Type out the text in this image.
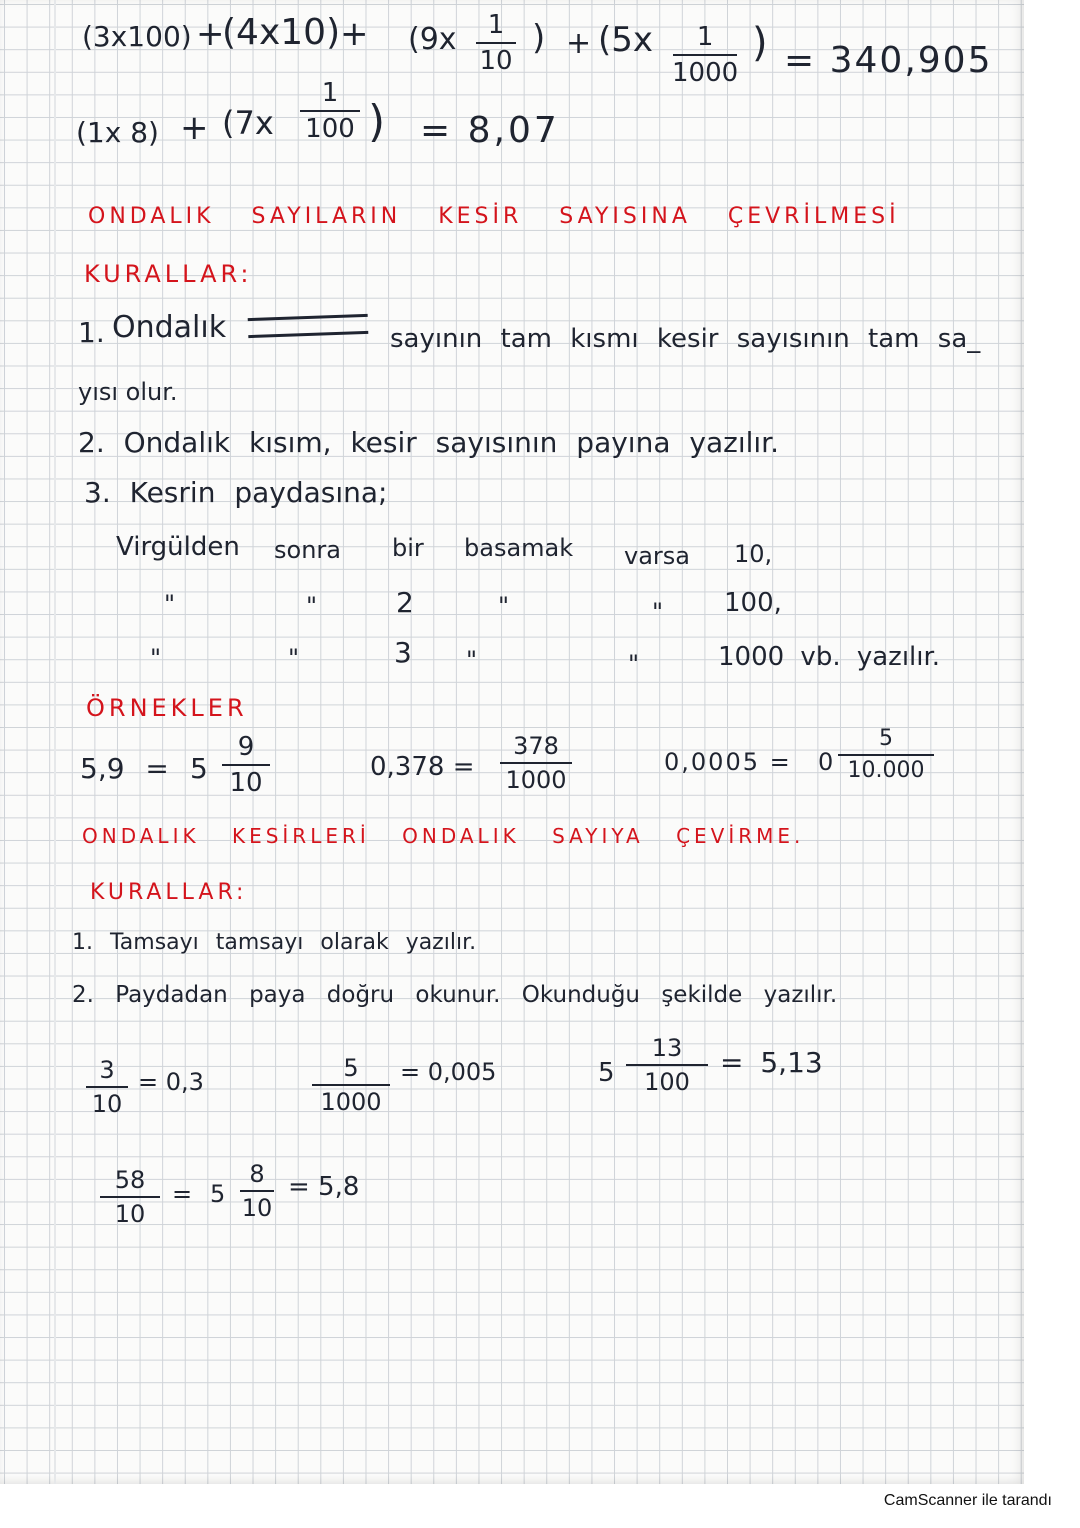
(3x100) +
(4x10) + (9x 1
10
) + (5x 1
1000
) = 340,905
(1x 8) + (7x
1
100 ) = 8,07
ONDALIK SAYILARIN KESİR SAYISINA ÇEVRİLMESİ
KURALLAR:
1. Ondalık	sayının tam kısmı kesir sayısının tam sa_
yısı olur.
2. Ondalık kısım, kesir sayısının payına yazılır.
3. Kesrin paydasına;
Virgülden sonra bir basamak varsa 10,
"	"	2	"	" 100,
"	"	3 "	"	1000 vb. yazılır.
ÖRNEKLER
5,9 = 5
9
10
0,378 =
378
1000
0,0005 = 0
5
10.000
ONDALIK KESİRLERİ ONDALIK SAYIYA ÇEVİRME.
KURALLAR:
1. Tamsayı tamsayı olarak yazılır.
2. Paydadan paya doğru okunur. Okunduğu şekilde yazılır.
3
10
= 0,3	5
1000
= 0,005	5
13
100
= 5,13
58
10
= 5
8
10
= 5,8
CamScanner ile tarandı
